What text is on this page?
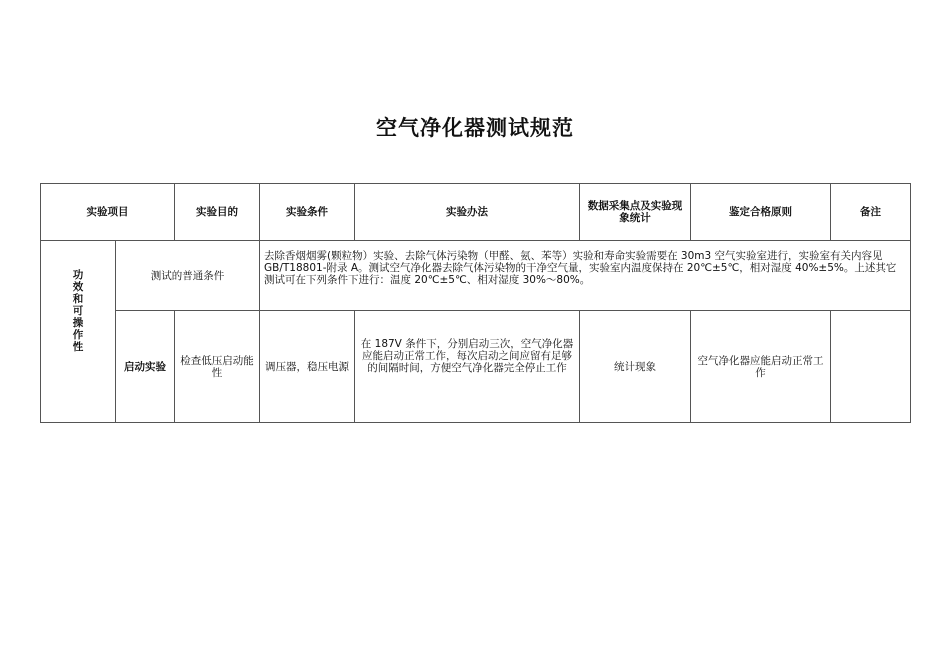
空气净化器测试规范
实验项目		实验目的	实验条件	实验办法	数据采集点及实验现象统计	鉴定合格原则	备注

功效和可操作性	测试的普通条件		去除香烟烟雾(颗粒物）实验、去除气体污染物（甲醛、氨、苯等）实验和寿命实验需要在 30m3 空气实验室进行，实验室有关内容见 GB/T18801-附录 A。测试空气净化器去除气体污染物的干净空气量，实验室内温度保持在 20℃±5℃，相对湿度 40%±5%。上述其它测试可在下列条件下进行：温度 20℃±5℃、相对湿度 30%～80%。				
	启动实验	检查低压启动能性	调压器，稳压电源	在 187V 条件下，分别启动三次，空气净化器应能启动正常工作，每次启动之间应留有足够的间隔时间，方便空气净化器完全停止工作	统计现象	空气净化器应能启动正常工作	
